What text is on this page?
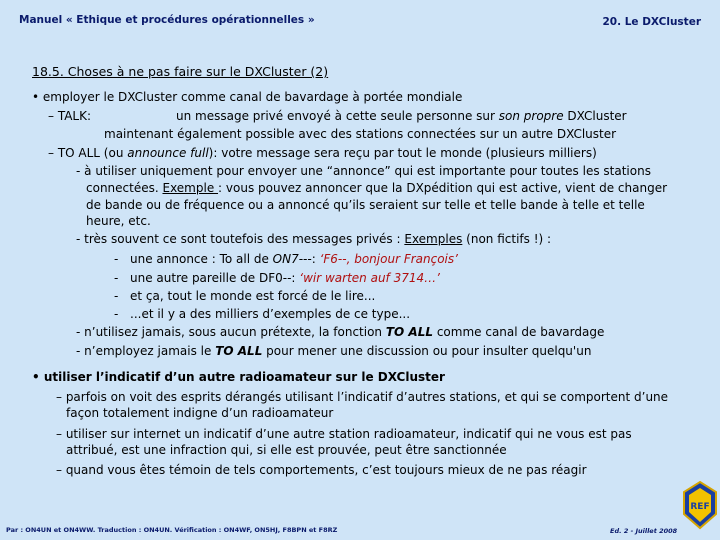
Manuel « Ethique et procédures opérationnelles »	20. Le DXCluster
18.5. Choses à ne pas faire sur le DXCluster (2)
• employer le DXCluster comme canal de bavardage à portée mondiale
– TALK:	un message privé envoyé à cette seule personne sur son propre DXCluster
maintenant également possible avec des stations connectées sur un autre DXCluster
– TO ALL (ou announce full): votre message sera reçu par tout le monde (plusieurs milliers)
- à utiliser uniquement pour envoyer une “annonce” qui est importante pour toutes les stations
connectées. Exemple : vous pouvez annoncer que la DXpédition qui est active, vient de changer
de bande ou de fréquence ou a annoncé qu’ils seraient sur telle et telle bande à telle et telle
heure, etc.
- très souvent ce sont toutefois des messages privés : Exemples (non fictifs !) :
- une annonce : To all de ON7---: ‘F6--, bonjour François’
- une autre pareille de DF0--: ‘wir warten auf 3714…’
- et ça, tout le monde est forcé de le lire...
- ...et il y a des milliers d’exemples de ce type...
- n’utilisez jamais, sous aucun prétexte, la fonction TO ALL comme canal de bavardage
- n’employez jamais le TO ALL pour mener une discussion ou pour insulter quelqu'un
• utiliser l’indicatif d’un autre radioamateur sur le DXCluster
– parfois on voit des esprits dérangés utilisant l’indicatif d’autres stations, et qui se comportent d’une
façon totalement indigne d’un radioamateur
– utiliser sur internet un indicatif d’une autre station radioamateur, indicatif qui ne vous est pas
attribué, est une infraction qui, si elle est prouvée, peut être sanctionnée
– quand vous êtes témoin de tels comportements, c’est toujours mieux de ne pas réagir
Par : ON4UN et ON4WW. Traduction : ON4UN. Vérification : ON4WF, ON5HJ, F8BPN et F8RZ	Ed. 2 - Juillet 2008
REF
